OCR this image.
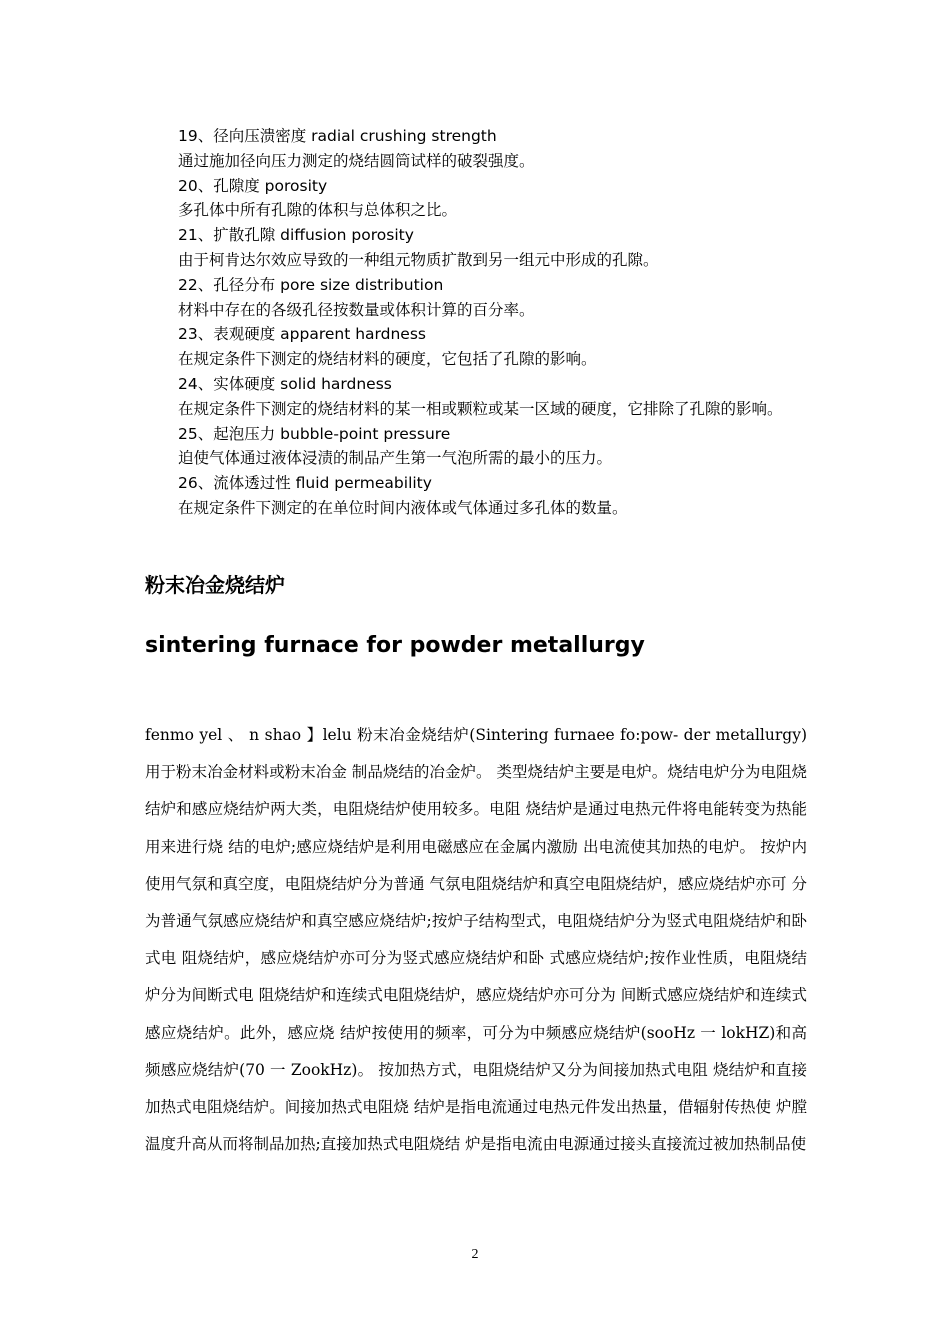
19、径向压溃密度 radial crushing strength
通过施加径向压力测定的烧结圆筒试样的破裂强度。
20、孔隙度 porosity
多孔体中所有孔隙的体积与总体积之比。
21、扩散孔隙 diffusion porosity
由于柯肯达尔效应导致的一种组元物质扩散到另一组元中形成的孔隙。
22、孔径分布 pore size distribution
材料中存在的各级孔径按数量或体积计算的百分率。
23、表观硬度 apparent hardness
在规定条件下测定的烧结材料的硬度，它包括了孔隙的影响。
24、实体硬度 solid hardness
在规定条件下测定的烧结材料的某一相或颗粒或某一区域的硬度，它排除了孔隙的影响。
25、起泡压力 bubble-point pressure
迫使气体通过液体浸渍的制品产生第一气泡所需的最小的压力。
26、流体透过性 fluid permeability
在规定条件下测定的在单位时间内液体或气体通过多孔体的数量。
粉末冶金烧结炉
sintering furnace for powder metallurgy
fenmo yel 、 n shao 】lelu 粉末冶金烧结炉(Sintering furnaee fo:pow- der metallurgy)用于粉末冶金材料或粉末冶金 制品烧结的冶金炉。 类型烧结炉主要是电炉。烧结电炉分为电阻烧 结炉和感应烧结炉两大类，电阻烧结炉使用较多。电阻 烧结炉是通过电热元件将电能转变为热能用来进行烧 结的电炉;感应烧结炉是利用电磁感应在金属内激励 出电流使其加热的电炉。 按炉内使用气氛和真空度，电阻烧结炉分为普通 气氛电阻烧结炉和真空电阻烧结炉，感应烧结炉亦可 分为普通气氛感应烧结炉和真空感应烧结炉;按炉子结构型式，电阻烧结炉分为竖式电阻烧结炉和卧式电 阻烧结炉，感应烧结炉亦可分为竖式感应烧结炉和卧 式感应烧结炉;按作业性质，电阻烧结炉分为间断式电 阻烧结炉和连续式电阻烧结炉，感应烧结炉亦可分为 间断式感应烧结炉和连续式感应烧结炉。此外，感应烧 结炉按使用的频率，可分为中频感应烧结炉(sooHz 一 lokHZ)和高频感应烧结炉(70 一 ZookHz)。 按加热方式，电阻烧结炉又分为间接加热式电阻 烧结炉和直接加热式电阻烧结炉。间接加热式电阻烧 结炉是指电流通过电热元件发出热量，借辐射传热使 炉膛温度升高从而将制品加热;直接加热式电阻烧结 炉是指电流由电源通过接头直接流过被加热制品使
2
